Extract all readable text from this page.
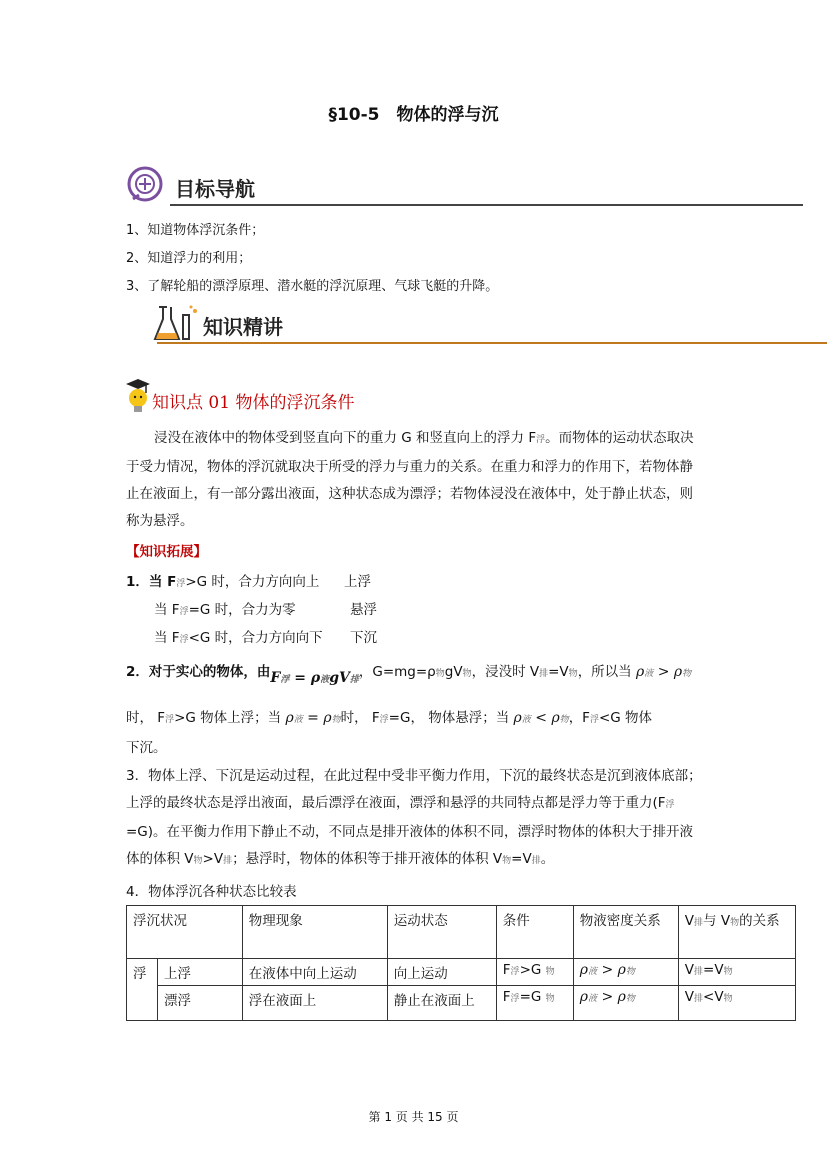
§10-5　物体的浮与沉
目标导航
1、知道物体浮沉条件；
2、知道浮力的利用；
3、了解轮船的漂浮原理、潜水艇的浮沉原理、气球飞艇的升降。
知识精讲
知识点 01 物体的浮沉条件
浸没在液体中的物体受到竖直向下的重力 G 和竖直向上的浮力 F浮。而物体的运动状态取决于受力情况，物体的浮沉就取决于所受的浮力与重力的关系。在重力和浮力的作用下，若物体静止在液面上，有一部分露出液面，这种状态成为漂浮；若物体浸没在液体中，处于静止状态，则称为悬浮。
【知识拓展】
1．当 F浮>G 时，合力方向向上 上浮
当 F浮=G 时，合力为零	悬浮
当 F浮<G 时，合力方向向下 下沉
2．对于实心的物体，由F浮 = ρ液gV排，G=mg=ρ物gV物，浸没时 V排=V物，所以当 ρ液 > ρ物
时， F浮>G 物体上浮；当 ρ液 = ρ物时， F浮=G， 物体悬浮；当 ρ液 < ρ物，F浮<G 物体
下沉。
3．物体上浮、下沉是运动过程，在此过程中受非平衡力作用，下沉的最终状态是沉到液体底部；上浮的最终状态是浮出液面，最后漂浮在液面，漂浮和悬浮的共同特点都是浮力等于重力(F浮=G)。在平衡力作用下静止不动，不同点是排开液体的体积不同，漂浮时物体的体积大于排开液体的体积 V物>V排；悬浮时，物体的体积等于排开液体的体积 V物=V排。
4．物体浮沉各种状态比较表
浮沉状况		物理现象	运动状态	条件	物液密度关系	V排与 V物的关系
浮	上浮	在液体中向上运动	向上运动	F浮>G 物	ρ液 > ρ物	V排=V物
	漂浮	浮在液面上	静止在液面上	F浮=G 物	ρ液 > ρ物	V排<V物
第 1 页 共 15 页
